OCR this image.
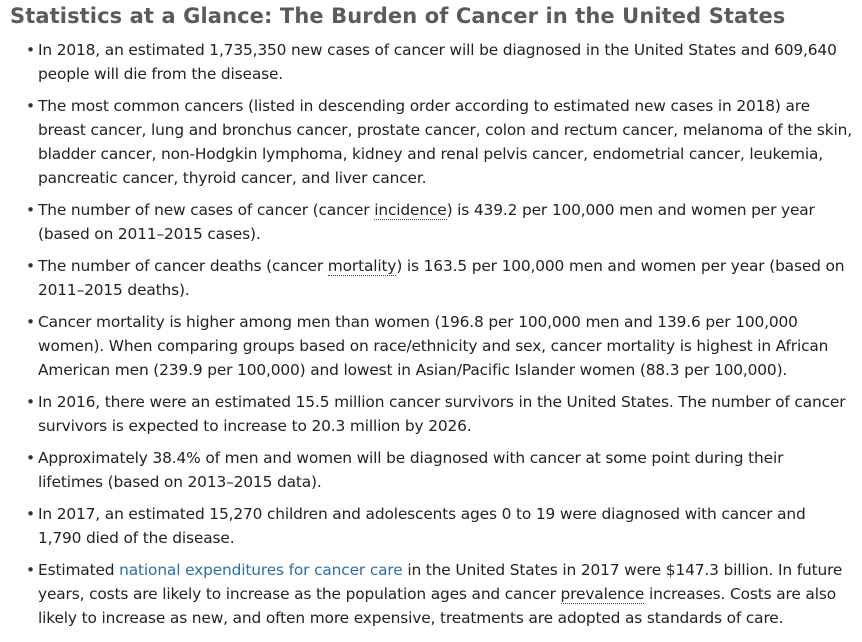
Statistics at a Glance: The Burden of Cancer in the United States
• In 2018, an estimated 1,735,350 new cases of cancer will be diagnosed in the United States and 609,640 people will die from the disease.
• The most common cancers (listed in descending order according to estimated new cases in 2018) are breast cancer, lung and bronchus cancer, prostate cancer, colon and rectum cancer, melanoma of the skin, bladder cancer, non-Hodgkin lymphoma, kidney and renal pelvis cancer, endometrial cancer, leukemia, pancreatic cancer, thyroid cancer, and liver cancer.
• The number of new cases of cancer (cancer incidence) is 439.2 per 100,000 men and women per year (based on 2011–2015 cases).
• The number of cancer deaths (cancer mortality) is 163.5 per 100,000 men and women per year (based on 2011–2015 deaths).
• Cancer mortality is higher among men than women (196.8 per 100,000 men and 139.6 per 100,000 women). When comparing groups based on race/ethnicity and sex, cancer mortality is highest in African American men (239.9 per 100,000) and lowest in Asian/Pacific Islander women (88.3 per 100,000).
• In 2016, there were an estimated 15.5 million cancer survivors in the United States. The number of cancer survivors is expected to increase to 20.3 million by 2026.
• Approximately 38.4% of men and women will be diagnosed with cancer at some point during their lifetimes (based on 2013–2015 data).
• In 2017, an estimated 15,270 children and adolescents ages 0 to 19 were diagnosed with cancer and 1,790 died of the disease.
• Estimated national expenditures for cancer care in the United States in 2017 were $147.3 billion. In future years, costs are likely to increase as the population ages and cancer prevalence increases. Costs are also likely to increase as new, and often more expensive, treatments are adopted as standards of care.
